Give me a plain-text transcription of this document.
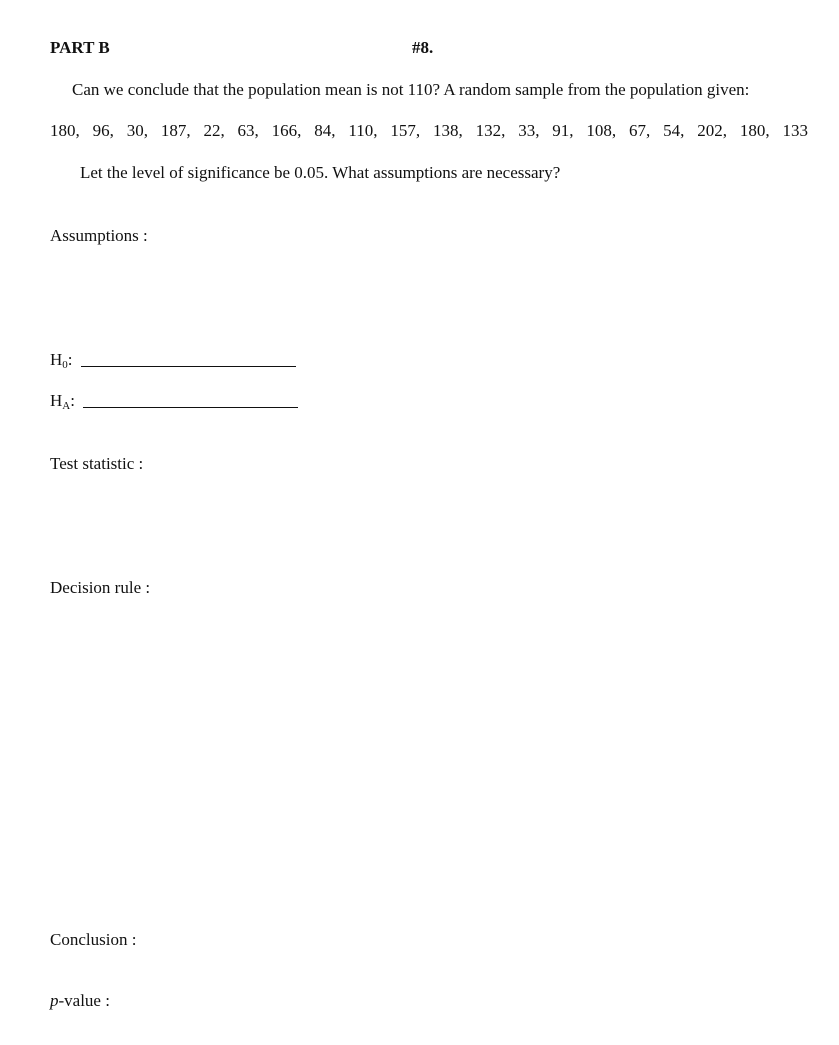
PART B	#8.
Can we conclude that the population mean is not 110? A random sample from the population given:
180, 96, 30, 187, 22, 63, 166, 84, 110, 157, 138, 132, 33, 91, 108, 67, 54, 202, 180, 133
Let the level of significance be 0.05. What assumptions are necessary?
Assumptions :
H 0 :
H A :
Test statistic :
Decision rule :
Conclusion :
p-value :
